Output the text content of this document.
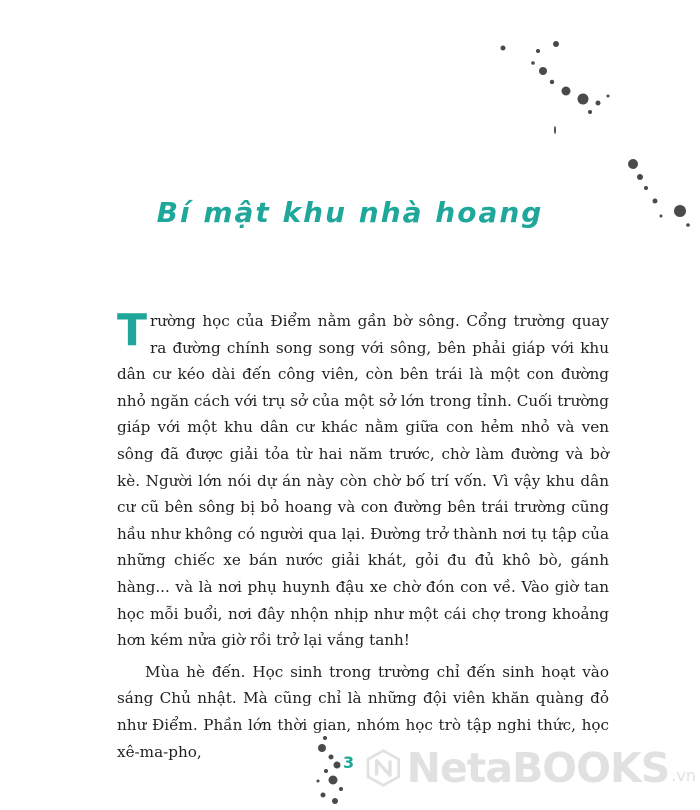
Bí mật khu nhà hoang

Trường học của Điểm nằm gần bờ sông. Cổng trường quay ra đường chính song song với sông, bên phải giáp với khu dân cư kéo dài đến công viên, còn bên trái là một con đường nhỏ ngăn cách với trụ sở của một sở lớn trong tỉnh. Cuối trường giáp với một khu dân cư khác nằm giữa con hẻm nhỏ và ven sông đã được giải tỏa từ hai năm trước, chờ làm đường và bờ kè. Người lớn nói dự án này còn chờ bố trí vốn. Vì vậy khu dân cư cũ bên sông bị bỏ hoang và con đường bên trái trường cũng hầu như không có người qua lại. Đường trở thành nơi tụ tập của những chiếc xe bán nước giải khát, gỏi đu đủ khô bò, gánh hàng... và là nơi phụ huynh đậu xe chờ đón con về. Vào giờ tan học mỗi buổi, nơi đây nhộn nhịp như một cái chợ trong khoảng hơn kém nửa giờ rồi trở lại vắng tanh!

Mùa hè đến. Học sinh trong trường chỉ đến sinh hoạt vào sáng Chủ nhật. Mà cũng chỉ là những đội viên khăn quàng đỏ như Điểm. Phần lớn thời gian, nhóm học trò tập nghi thức, học xê-ma-pho,

3 NetaBOOKS .vn
